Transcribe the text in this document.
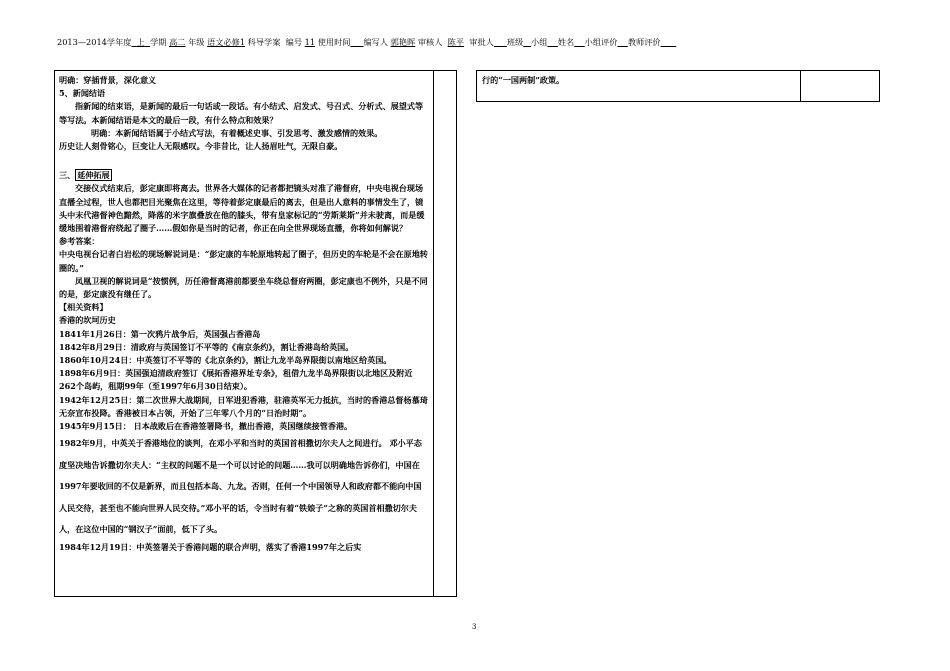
2013—2014学年度 上 学期 高二 年级 语文必修1 科导学案 编号 11 使用时间 编写人 郭艳晖 审核人 陈平 审批人 班级 小组 姓名 小组评价 教师评价

明确：穿插背景，深化意义

5、新闻结语

指新闻的结束语，是新闻的最后一句话或一段话。有小结式、启发式、号召式、分析式、展望式等等写法。本新闻结语是本文的最后一段，有什么特点和效果？

明确：本新闻结语属于小结式写法，有着概述史事、引发思考、激发感情的效果。

历史让人刻骨铭心，巨变让人无限感叹。今非昔比，让人扬眉吐气，无限自豪。

三、 延伸拓展

交接仪式结束后，彭定康即将离去。世界各大媒体的记者都把镜头对准了港督府，中央电视台现场直播全过程，世人也都把目光聚焦在这里，等待着彭定康最后的离去，但是出人意料的事情发生了，镜头中末代港督神色黯然，降落的米字旗叠放在他的膝头，带有皇家标记的“劳斯莱斯”并未驶离，而是缓缓地围着港督府绕起了圈子……假如你是当时的记者，你正在向全世界现场直播，你将如何解说？

参考答案：

中央电视台记者白岩松的现场解说词是：“彭定康的车轮原地转起了圈子，但历史的车轮是不会在原地转圈的。”

凤凰卫视的解说词是“按惯例，历任港督离港前都要坐车绕总督府两圈，彭定康也不例外，只是不同的是，彭定康没有继任了。

【相关资料】

香港的坎坷历史

1841年1月26日：第一次鸦片战争后，英国强占香港岛

1842年8月29日：清政府与英国签订不平等的《南京条约》，割让香港岛给英国。

1860年10月24日：中英签订不平等的《北京条约》，割让九龙半岛界限街以南地区给英国。

1898年6月9日：英国强迫清政府签订《展拓香港界址专条》，租借九龙半岛界限街以北地区及附近262个岛屿，租期99年（至1997年6月30日结束）。

1942年12月25日：第二次世界大战期间，日军进犯香港，驻港英军无力抵抗，当时的香港总督杨慕琦无奈宣布投降。香港被日本占领，开始了三年零八个月的“日治时期”。

1945年9月15日： 日本战败后在香港签署降书，撤出香港，英国继续接管香港。

1982年9月，中英关于香港地位的谈判，在邓小平和当时的英国首相撒切尔夫人之间进行。 邓小平态度坚决地告诉撒切尔夫人：“主权的问题不是一个可以讨论的问题……我可以明确地告诉你们，中国在1997年要收回的不仅是新界，而且包括本岛、九龙。否则，任何一个中国领导人和政府都不能向中国人民交待，甚至也不能向世界人民交待。”邓小平的话，令当时有着“铁娘子”之称的英国首相撒切尔夫人，在这位中国的“钢汉子”面前，低下了头。

1984年12月19日：中英签署关于香港问题的联合声明，落实了香港1997年之后实

行的“一国两制”政策。
3
